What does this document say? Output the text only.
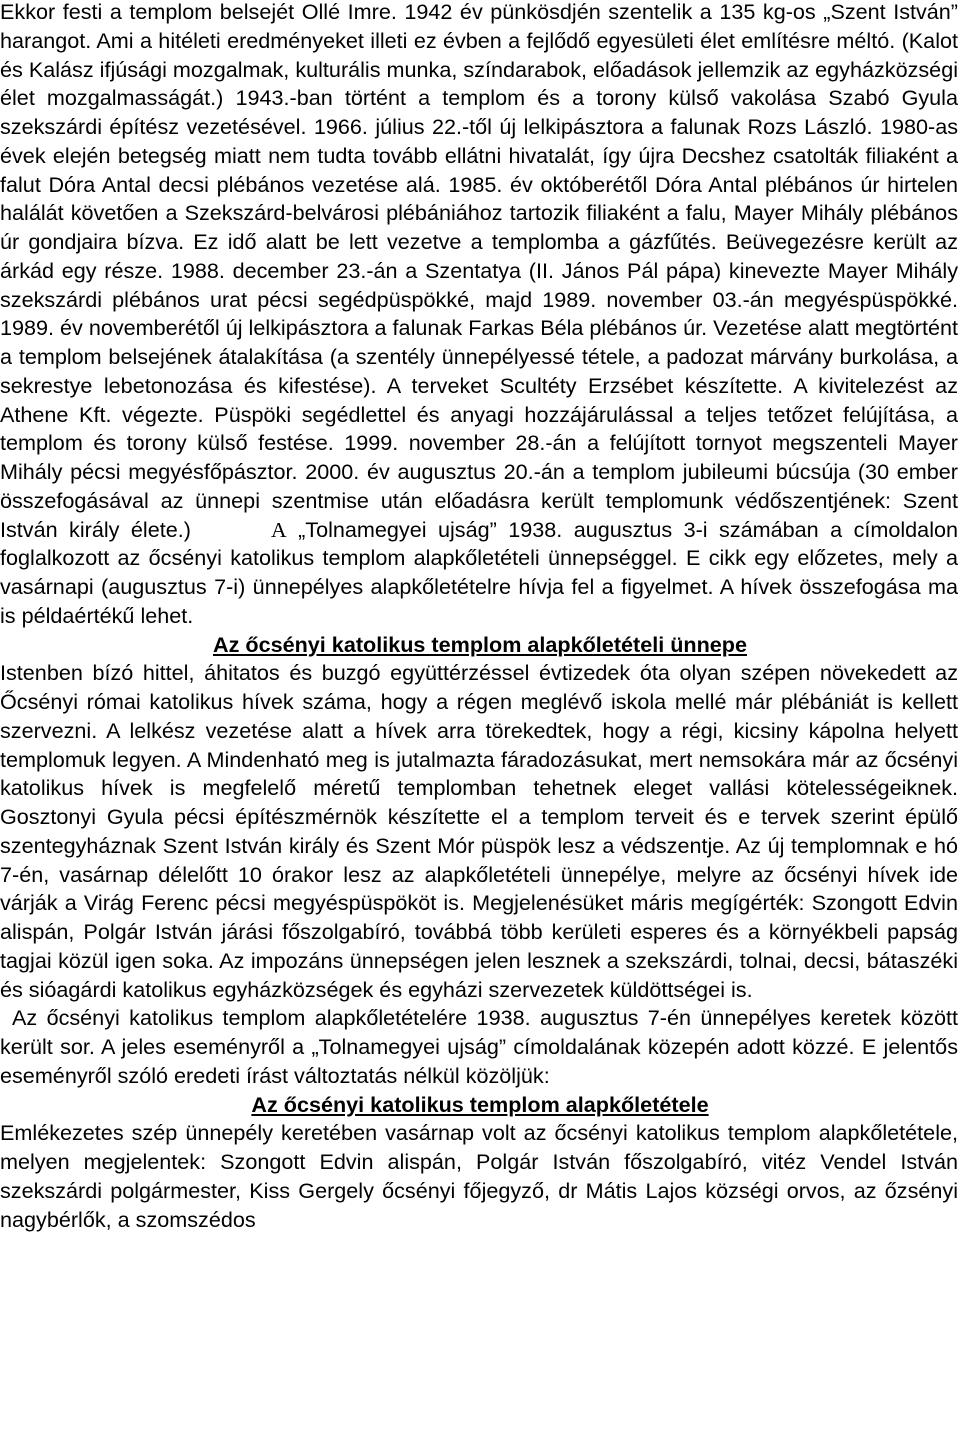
Ekkor festi a templom belsejét Ollé Imre. 1942 év pünkösdjén szentelik a 135 kg-os „Szent István” harangot. Ami a hitéleti eredményeket illeti ez évben a fejlődő egyesületi élet említésre méltó. (Kalot és Kalász ifjúsági mozgalmak, kulturális munka, színdarabok, előadások jellemzik az egyházközségi élet mozgalmasságát.) 1943.-ban történt a templom és a torony külső vakolása Szabó Gyula szekszárdi építész vezetésével. 1966. július 22.-től új lelkipásztora a falunak Rozs László. 1980-as évek elején betegség miatt nem tudta tovább ellátni hivatalát, így újra Decshez csatolták filiaként a falut Dóra Antal decsi plébános vezetése alá. 1985. év októberétől Dóra Antal plébános úr hirtelen halálát követően a Szekszárd-belvárosi plébániához tartozik filiaként a falu, Mayer Mihály plébános úr gondjaira bízva. Ez idő alatt be lett vezetve a templomba a gázfűtés. Beüvegezésre került az árkád egy része. 1988. december 23.-án a Szentatya (II. János Pál pápa) kinevezte Mayer Mihály szekszárdi plébános urat pécsi segédpüspökké, majd 1989. november 03.-án megyéspüspökké. 1989. év novemberétől új lelkipásztora a falunak Farkas Béla plébános úr. Vezetése alatt megtörtént a templom belsejének átalakítása (a szentély ünnepélyessé tétele, a padozat márvány burkolása, a sekrestye lebetonozása és kifestése). A terveket Scultéty Erzsébet készítette. A kivitelezést az Athene Kft. végezte. Püspöki segédlettel és anyagi hozzájárulással a teljes tetőzet felújítása, a templom és torony külső festése. 1999. november 28.-án a felújított tornyot megszenteli Mayer Mihály pécsi megyésfőpásztor. 2000. év augusztus 20.-án a templom jubileumi búcsúja (30 ember összefogásával az ünnepi szentmise után előadásra került templomunk védőszentjének: Szent István király élete.)	A „Tolnamegyei ujság” 1938. augusztus 3-i számában a címoldalon foglalkozott az őcsényi katolikus templom alapkőletételi ünnepséggel. E cikk egy előzetes, mely a vasárnapi (augusztus 7-i) ünnepélyes alapkőletételre hívja fel a figyelmet. A hívek összefogása ma is példaértékű lehet.

Az őcsényi katolikus templom alapkőletételi ünnepe

Istenben bízó hittel, áhitatos és buzgó együttérzéssel évtizedek óta olyan szépen növekedett az Őcsényi római katolikus hívek száma, hogy a régen meglévő iskola mellé már plébániát is kellett szervezni. A lelkész vezetése alatt a hívek arra törekedtek, hogy a régi, kicsiny kápolna helyett templomuk legyen. A Mindenható meg is jutalmazta fáradozásukat, mert nemsokára már az őcsényi katolikus hívek is megfelelő méretű templomban tehetnek eleget vallási kötelességeiknek. Gosztonyi Gyula pécsi építészmérnök készítette el a templom terveit és e tervek szerint épülő szentegyháznak Szent István király és Szent Mór püspök lesz a védszentje. Az új templomnak e hó 7-én, vasárnap délelőtt 10 órakor lesz az alapkőletételi ünnepélye, melyre az őcsényi hívek ide várják a Virág Ferenc pécsi megyéspüspököt is. Megjelenésüket máris megígérték: Szongott Edvin alispán, Polgár István járási főszolgabíró, továbbá több kerületi esperes és a környékbeli papság tagjai közül igen soka. Az impozáns ünnepségen jelen lesznek a szekszárdi, tolnai, decsi, bátaszéki és sióagárdi katolikus egyházközségek és egyházi szervezetek küldöttségei is.

Az őcsényi katolikus templom alapkőletételére 1938. augusztus 7-én ünnepélyes keretek között került sor. A jeles eseményről a „Tolnamegyei ujság” címoldalának közepén adott közzé. E jelentős eseményről szóló eredeti írást változtatás nélkül közöljük:

Az őcsényi katolikus templom alapkőletétele

Emlékezetes szép ünnepély keretében vasárnap volt az őcsényi katolikus templom alapkőletétele, melyen megjelentek: Szongott Edvin alispán, Polgár István főszolgabíró, vitéz Vendel István szekszárdi polgármester, Kiss Gergely őcsényi főjegyző, dr Mátis Lajos községi orvos, az őzsényi nagybérlők, a szomszédos
